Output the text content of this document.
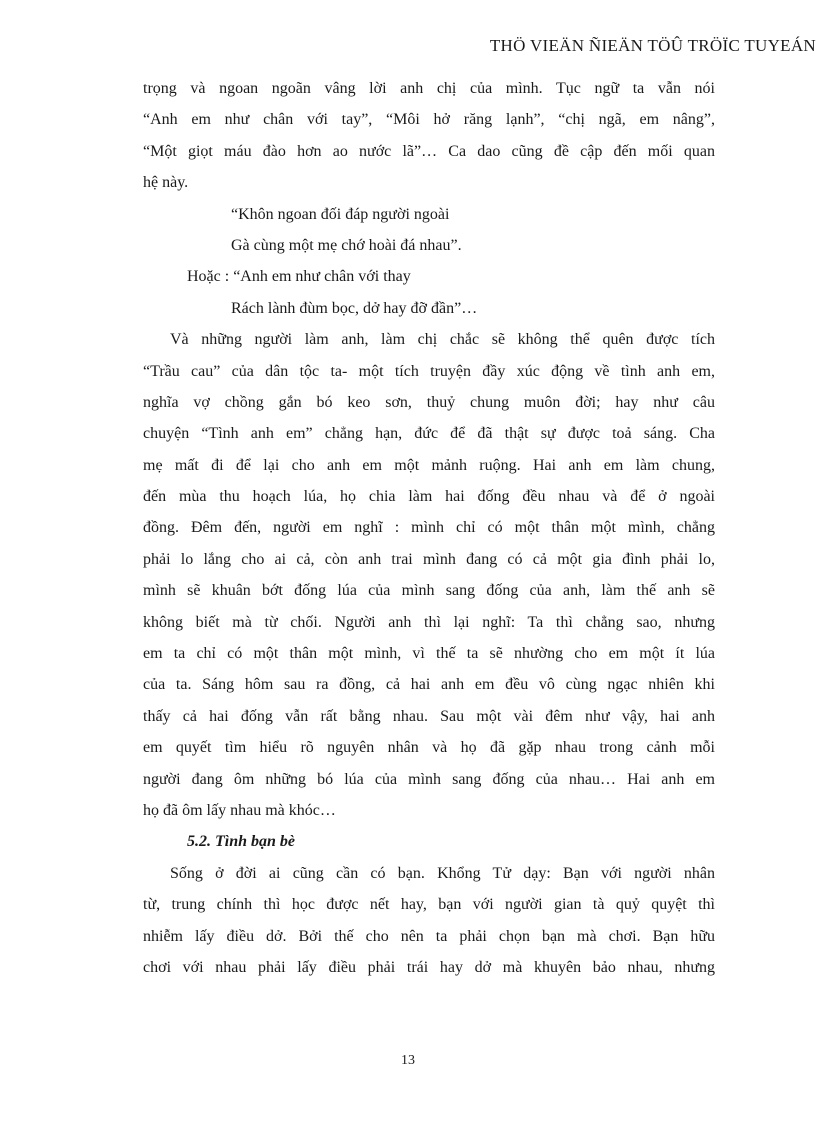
THÖ VIEÄN ÑIEÄN TÖÛ TRÖÏC TUYEÁN
trọng và ngoan ngoãn vâng lời anh chị của mình. Tục ngữ ta vẫn nói
“Anh em như chân với tay”, “Môi hở răng lạnh”, “chị ngã, em nâng”,
“Một giọt máu đào hơn ao nước lã”… Ca dao cũng đề cập đến mối quan
hệ này.
“Khôn ngoan đối đáp người ngoài
Gà cùng một mẹ chớ hoài đá nhau”.
Hoặc : “Anh em như chân với thay
Rách lành đùm bọc, dở hay đỡ đần”…
Và những người làm anh, làm chị chắc sẽ không thể quên được tích
“Trầu cau” của dân tộc ta- một tích truyện đầy xúc động về tình anh em,
nghĩa vợ chồng gắn bó keo sơn, thuỷ chung muôn đời; hay như câu
chuyện “Tình anh em” chẳng hạn, đức để đã thật sự được toả sáng. Cha
mẹ mất đi để lại cho anh em một mảnh ruộng. Hai anh em làm chung,
đến mùa thu hoạch lúa, họ chia làm hai đống đều nhau và để ở ngoài
đồng. Đêm đến, người em nghĩ : mình chỉ có một thân một mình, chẳng
phải lo lắng cho ai cả, còn anh trai mình đang có cả một gia đình phải lo,
mình sẽ khuân bớt đống lúa của mình sang đống của anh, làm thế anh sẽ
không biết mà từ chối. Người anh thì lại nghĩ: Ta thì chẳng sao, nhưng
em ta chỉ có một thân một mình, vì thế ta sẽ nhường cho em một ít lúa
của ta. Sáng hôm sau ra đồng, cả hai anh em đều vô cùng ngạc nhiên khi
thấy cả hai đống vẫn rất bằng nhau. Sau một vài đêm như vậy, hai anh
em quyết tìm hiểu rõ nguyên nhân và họ đã gặp nhau trong cảnh mỗi
người đang ôm những bó lúa của mình sang đống của nhau… Hai anh em
họ đã ôm lấy nhau mà khóc…
5.2. Tình bạn bè
Sống ở đời ai cũng cần có bạn. Khổng Tử dạy: Bạn với người nhân
từ, trung chính thì học được nết hay, bạn với người gian tà quỷ quyệt thì
nhiễm lấy điều dở. Bởi thế cho nên ta phải chọn bạn mà chơi. Bạn hữu
chơi với nhau phải lấy điều phải trái hay dở mà khuyên bảo nhau, nhưng
13
